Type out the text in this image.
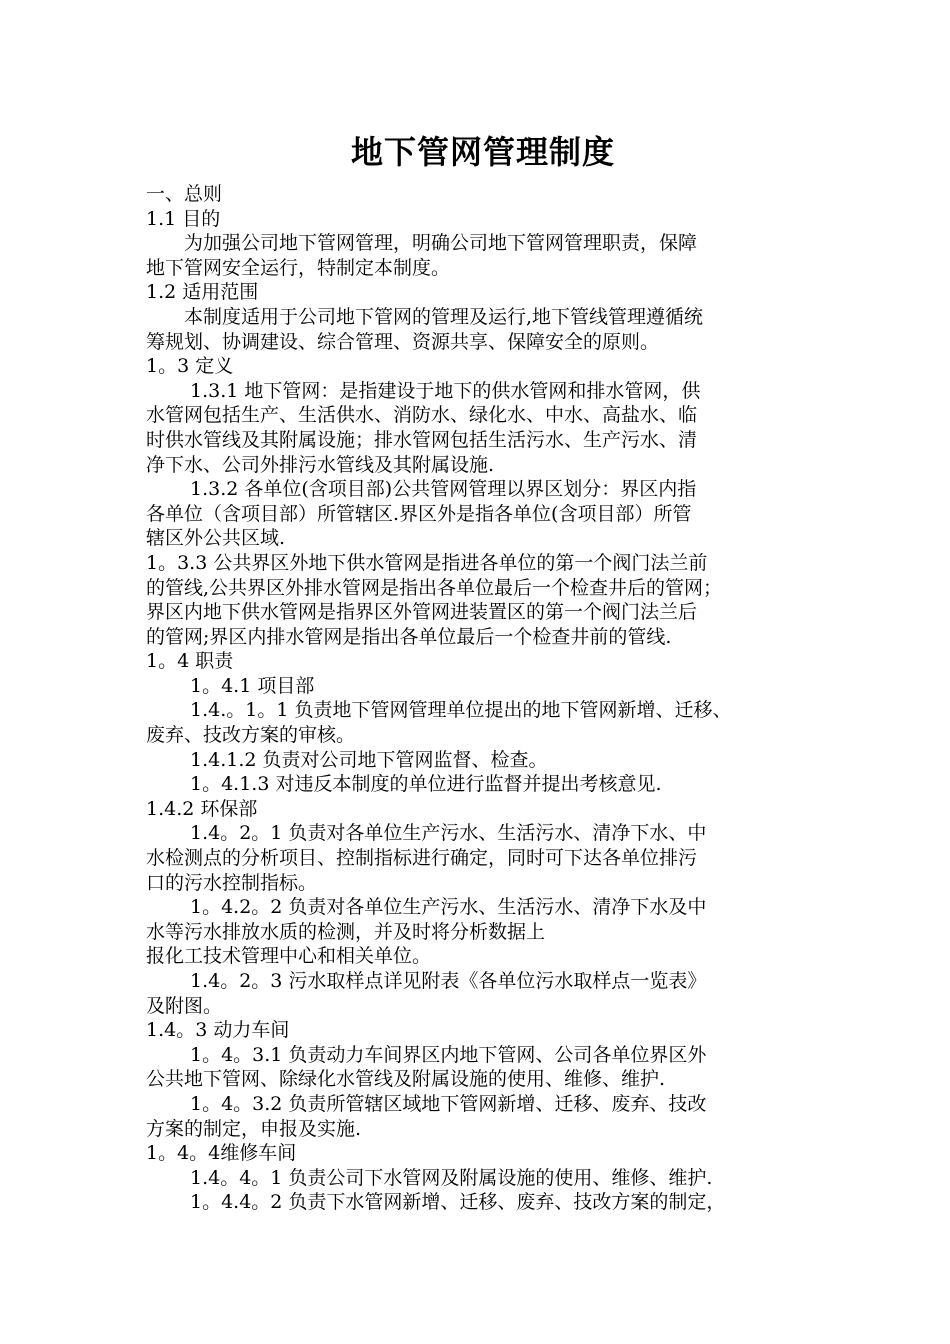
地下管网管理制度
一、总则
1.1 目的
为加强公司地下管网管理，明确公司地下管网管理职责，保障
地下管网安全运行，特制定本制度。
1.2 适用范围
本制度适用于公司地下管网的管理及运行,地下管线管理遵循统
筹规划、协调建设、综合管理、资源共享、保障安全的原则。
1。3 定义
1.3.1 地下管网：是指建设于地下的供水管网和排水管网，供
水管网包括生产、生活供水、消防水、绿化水、中水、高盐水、临
时供水管线及其附属设施；排水管网包括生活污水、生产污水、清
净下水、公司外排污水管线及其附属设施.
1.3.2 各单位(含项目部)公共管网管理以界区划分：界区内指
各单位（含项目部）所管辖区.界区外是指各单位(含项目部）所管
辖区外公共区域.
1。3.3 公共界区外地下供水管网是指进各单位的第一个阀门法兰前
的管线,公共界区外排水管网是指出各单位最后一个检查井后的管网；
界区内地下供水管网是指界区外管网进装置区的第一个阀门法兰后
的管网;界区内排水管网是指出各单位最后一个检查井前的管线.
1。4 职责
1。4.1 项目部
1.4.。1。1 负责地下管网管理单位提出的地下管网新增、迁移、
废弃、技改方案的审核。
1.4.1.2 负责对公司地下管网监督、检查。
1。4.1.3 对违反本制度的单位进行监督并提出考核意见.
1.4.2 环保部
1.4。2。1 负责对各单位生产污水、生活污水、清净下水、中
水检测点的分析项目、控制指标进行确定，同时可下达各单位排污
口的污水控制指标。
1。4.2。2 负责对各单位生产污水、生活污水、清净下水及中
水等污水排放水质的检测，并及时将分析数据上
报化工技术管理中心和相关单位。
1.4。2。3 污水取样点详见附表《各单位污水取样点一览表》
及附图。
1.4。3 动力车间
1。4。3.1 负责动力车间界区内地下管网、公司各单位界区外
公共地下管网、除绿化水管线及附属设施的使用、维修、维护.
1。4。3.2 负责所管辖区域地下管网新增、迁移、废弃、技改
方案的制定，申报及实施.
1。4。4维修车间
1.4。4。1 负责公司下水管网及附属设施的使用、维修、维护.
1。4.4。2 负责下水管网新增、迁移、废弃、技改方案的制定，
